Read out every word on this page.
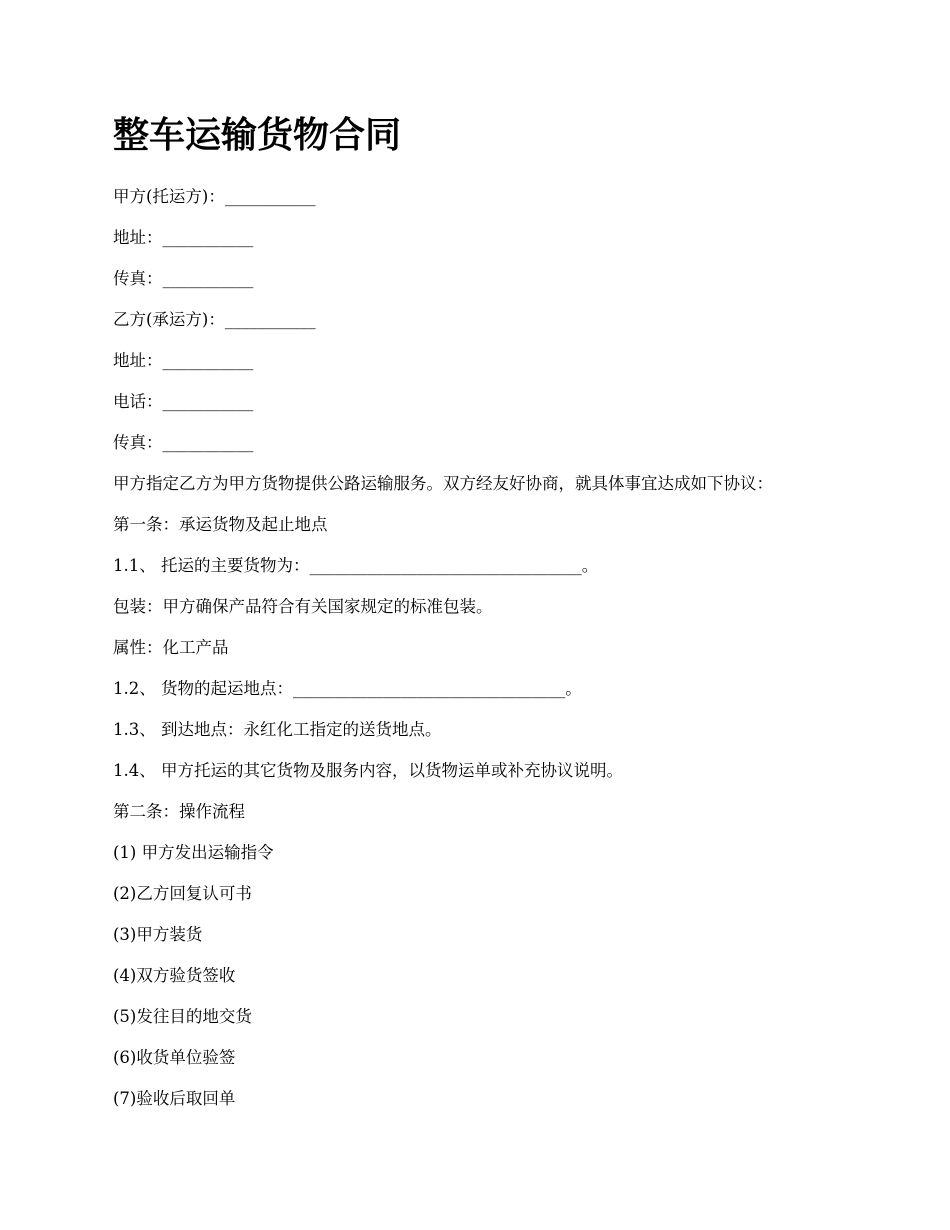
整车运输货物合同
甲方(托运方)：___________
地址：___________
传真：___________
乙方(承运方)：___________
地址：___________
电话：___________
传真：___________
甲方指定乙方为甲方货物提供公路运输服务。双方经友好协商，就具体事宜达成如下协议：
第一条：承运货物及起止地点
1.1、 托运的主要货物为：_________________________________。
包装：甲方确保产品符合有关国家规定的标准包装。
属性：化工产品
1.2、 货物的起运地点：_________________________________。
1.3、 到达地点：永红化工指定的送货地点。
1.4、 甲方托运的其它货物及服务内容，以货物运单或补充协议说明。
第二条：操作流程
(1) 甲方发出运输指令
(2)乙方回复认可书
(3)甲方装货
(4)双方验货签收
(5)发往目的地交货
(6)收货单位验签
(7)验收后取回单
